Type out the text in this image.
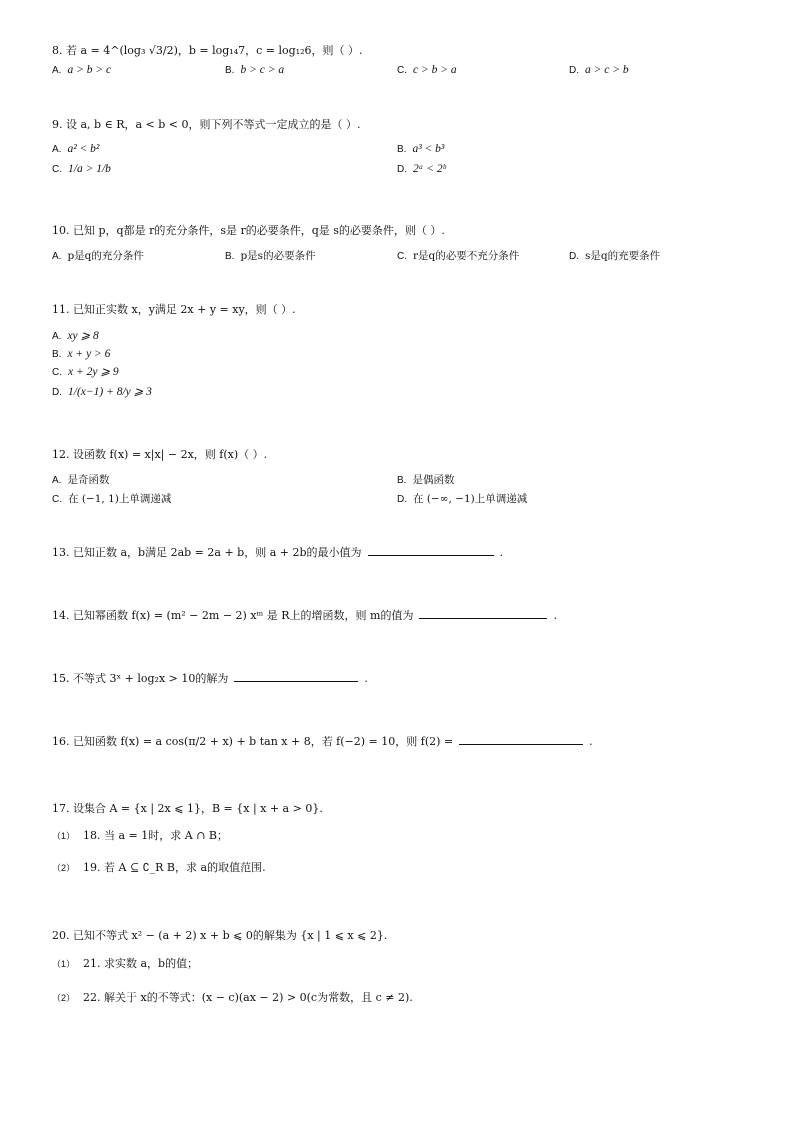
8. 若 a = 4^(log₃ √3/2)，b = log₁₄7，c = log₁₂6，则（ ）.
A. a > b > c	B. b > c > a	C. c > b > a	D. a > c > b
9. 设 a, b ∈ R，a < b < 0，则下列不等式一定成立的是（ ）.
A. a² < b²	B. a³ < b³
C. 1/a > 1/b	D. 2ᵃ < 2ᵇ
10. 已知 p，q都是 r的充分条件，s是 r的必要条件，q是 s的必要条件，则（ ）.
A. p是q的充分条件	B. p是s的必要条件	C. r是q的必要不充分条件	D. s是q的充要条件
11. 已知正实数 x，y满足 2x + y = xy，则（ ）.
A. xy ⩾ 8
B. x + y > 6
C. x + 2y ⩾ 9
D. 1/(x−1) + 8/y ⩾ 3
12. 设函数 f(x) = x|x| − 2x，则 f(x)（ ）.
A. 是奇函数	B. 是偶函数
C. 在 (−1, 1)上单调递减	D. 在 (−∞, −1)上单调递减
13. 已知正数 a，b满足 2ab = 2a + b，则 a + 2b的最小值为	.
14. 已知幂函数 f(x) = (m² − 2m − 2) xᵐ 是 R上的增函数，则 m的值为	.
15. 不等式 3ˣ + log₂x > 10的解为	.
16. 已知函数 f(x) = a cos(π/2 + x) + b tan x + 8，若 f(−2) = 10，则 f(2) =	.
17. 设集合 A = {x | 2x ⩽ 1}，B = {x | x + a > 0}.
$^{(1)}$ 18. 当 a = 1时，求 A ∩ B；
$^{(2)}$ 19. 若 A ⊆ ∁_R B，求 a的取值范围.
20. 已知不等式 x² − (a + 2) x + b ⩽ 0的解集为 {x | 1 ⩽ x ⩽ 2}.
$^{(1)}$ 21. 求实数 a，b的值；
$^{(2)}$ 22. 解关于 x的不等式：(x − c)(ax − 2) > 0(c为常数，且 c ≠ 2).
